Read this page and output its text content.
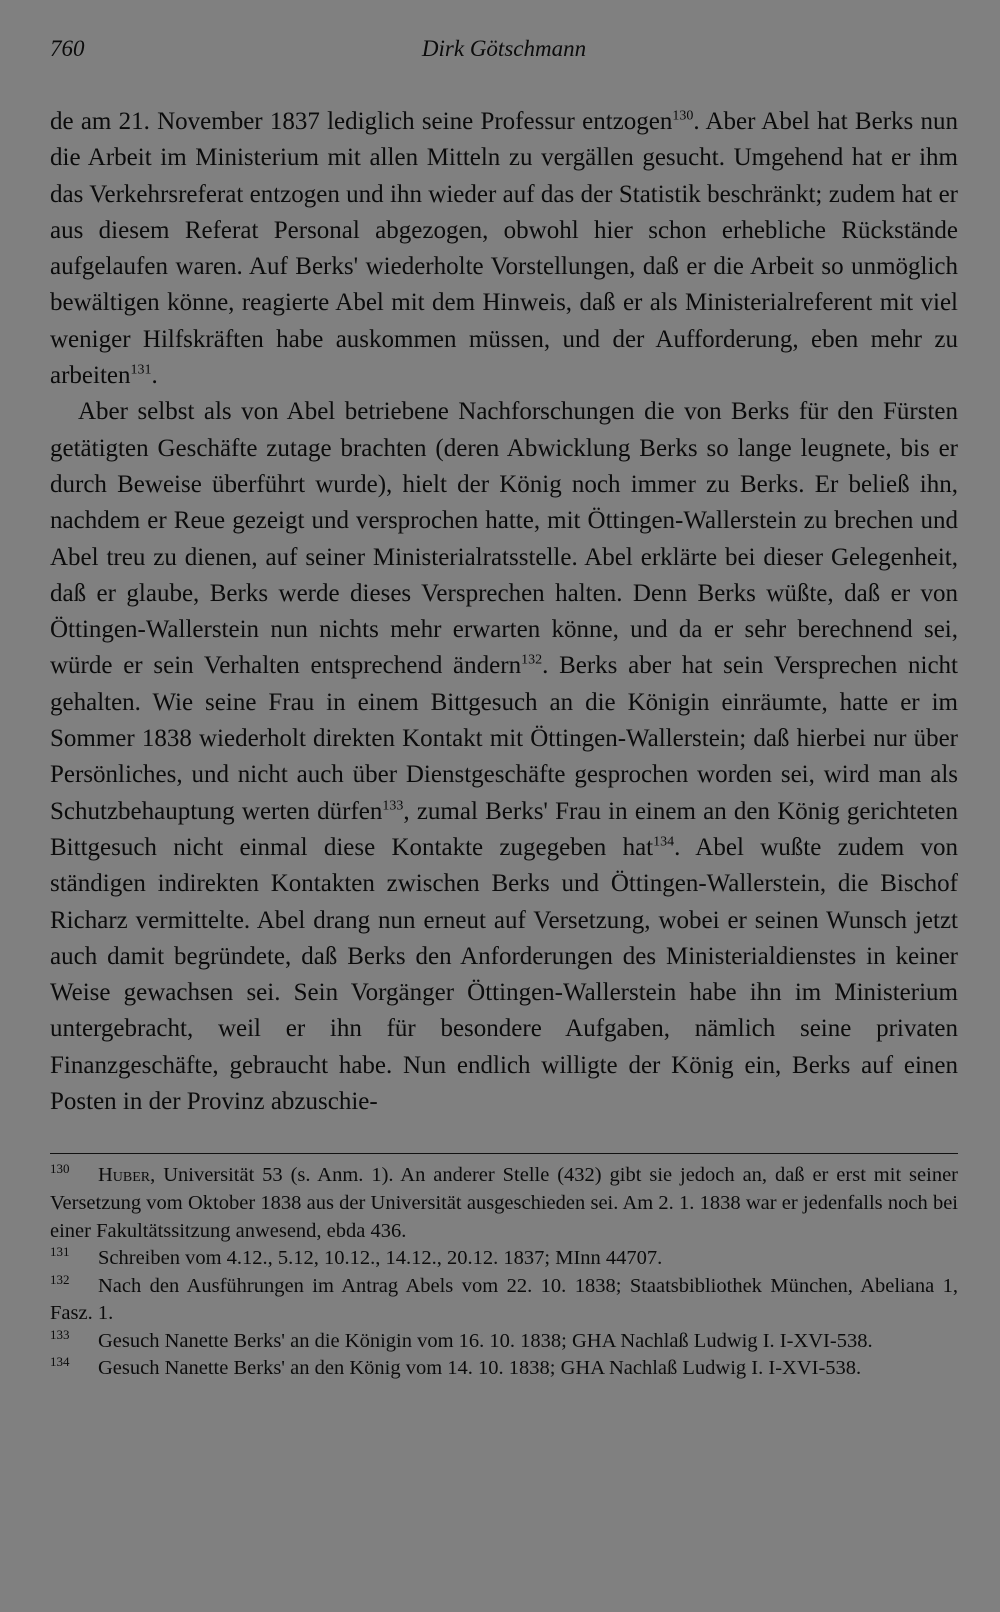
760	Dirk Götschmann

de am 21. November 1837 lediglich seine Professur entzogen$^{130}$. Aber Abel hat Berks nun die Arbeit im Ministerium mit allen Mitteln zu vergällen gesucht. Umgehend hat er ihm das Verkehrsreferat entzogen und ihn wieder auf das der Statistik beschränkt; zudem hat er aus diesem Referat Personal abgezogen, obwohl hier schon erhebliche Rückstände aufgelaufen waren. Auf Berks' wiederholte Vorstellungen, daß er die Arbeit so unmöglich bewältigen könne, reagierte Abel mit dem Hinweis, daß er als Ministerialreferent mit viel weniger Hilfskräften habe auskommen müssen, und der Aufforderung, eben mehr zu arbeiten$^{131}$.

Aber selbst als von Abel betriebene Nachforschungen die von Berks für den Fürsten getätigten Geschäfte zutage brachten (deren Abwicklung Berks so lange leugnete, bis er durch Beweise überführt wurde), hielt der König noch immer zu Berks. Er beließ ihn, nachdem er Reue gezeigt und versprochen hatte, mit Öttingen-Wallerstein zu brechen und Abel treu zu dienen, auf seiner Ministerialratsstelle. Abel erklärte bei dieser Gelegenheit, daß er glaube, Berks werde dieses Versprechen halten. Denn Berks wüßte, daß er von Öttingen-Wallerstein nun nichts mehr erwarten könne, und da er sehr berechnend sei, würde er sein Verhalten entsprechend ändern$^{132}$. Berks aber hat sein Versprechen nicht gehalten. Wie seine Frau in einem Bittgesuch an die Königin einräumte, hatte er im Sommer 1838 wiederholt direkten Kontakt mit Öttingen-Wallerstein; daß hierbei nur über Persönliches, und nicht auch über Dienstgeschäfte gesprochen worden sei, wird man als Schutzbehauptung werten dürfen$^{133}$, zumal Berks' Frau in einem an den König gerichteten Bittgesuch nicht einmal diese Kontakte zugegeben hat$^{134}$. Abel wußte zudem von ständigen indirekten Kontakten zwischen Berks und Öttingen-Wallerstein, die Bischof Richarz vermittelte. Abel drang nun erneut auf Versetzung, wobei er seinen Wunsch jetzt auch damit begründete, daß Berks den Anforderungen des Ministerialdienstes in keiner Weise gewachsen sei. Sein Vorgänger Öttingen-Wallerstein habe ihn im Ministerium untergebracht, weil er ihn für besondere Aufgaben, nämlich seine privaten Finanzgeschäfte, gebraucht habe. Nun endlich willigte der König ein, Berks auf einen Posten in der Provinz abzuschie-

$^{130}$ Huber, Universität 53 (s. Anm. 1). An anderer Stelle (432) gibt sie jedoch an, daß er erst mit seiner Versetzung vom Oktober 1838 aus der Universität ausgeschieden sei. Am 2. 1. 1838 war er jedenfalls noch bei einer Fakultätssitzung anwesend, ebda 436.

$^{131}$ Schreiben vom 4.12., 5.12, 10.12., 14.12., 20.12. 1837; MInn 44707.

$^{132}$ Nach den Ausführungen im Antrag Abels vom 22. 10. 1838; Staatsbibliothek München, Abeliana 1, Fasz. 1.

$^{133}$ Gesuch Nanette Berks' an die Königin vom 16. 10. 1838; GHA Nachlaß Ludwig I. I-XVI-538.

$^{134}$ Gesuch Nanette Berks' an den König vom 14. 10. 1838; GHA Nachlaß Ludwig I. I-XVI-538.
